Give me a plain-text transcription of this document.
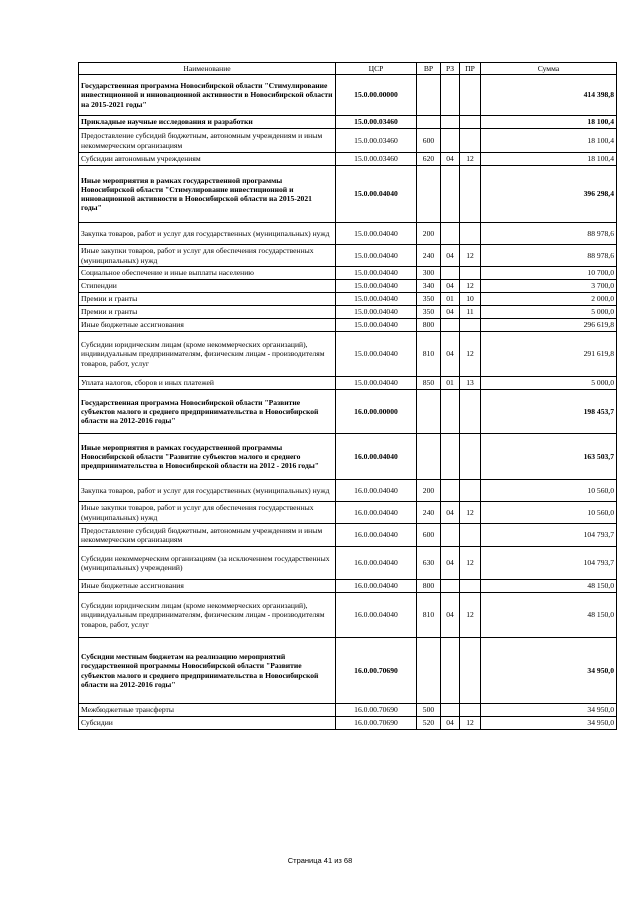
Наименование	ЦСР	ВР	РЗ	ПР	Сумма
Государственная программа Новосибирской области "Стимулирование инвестиционной и инновационной активности в Новосибирской области на 2015-2021 годы"	15.0.00.00000				414 398,8
Прикладные научные исследования и разработки	15.0.00.03460				18 100,4
Предоставление субсидий бюджетным, автономным учреждениям и иным некоммерческим организациям	15.0.00.03460	600			18 100,4
Субсидии автономным учреждениям	15.0.00.03460	620	04	12	18 100,4
Иные мероприятия в рамках государственной программы Новосибирской области "Стимулирование инвестиционной и инновационной активности в Новосибирской области на 2015-2021 годы"	15.0.00.04040				396 298,4
Закупка товаров, работ и услуг для государственных (муниципальных) нужд	15.0.00.04040	200			88 978,6
Иные закупки товаров, работ и услуг для обеспечения государственных (муниципальных) нужд	15.0.00.04040	240	04	12	88 978,6
Социальное обеспечение и иные выплаты населению	15.0.00.04040	300			10 700,0
Стипендии	15.0.00.04040	340	04	12	3 700,0
Премии и гранты	15.0.00.04040	350	01	10	2 000,0
Премии и гранты	15.0.00.04040	350	04	11	5 000,0
Иные бюджетные ассигнования	15.0.00.04040	800			296 619,8
Субсидии юридическим лицам (кроме некоммерческих организаций), индивидуальным предпринимателям, физическим лицам - производителям товаров, работ, услуг	15.0.00.04040	810	04	12	291 619,8
Уплата налогов, сборов и иных платежей	15.0.00.04040	850	01	13	5 000,0
Государственная программа Новосибирской области "Развитие субъектов малого и среднего предпринимательства в Новосибирской области на 2012-2016 годы"	16.0.00.00000				198 453,7
Иные мероприятия в рамках государственной программы Новосибирской области "Развитие субъектов малого и среднего предпринимательства в Новосибирской области на 2012 - 2016 годы"	16.0.00.04040				163 503,7
Закупка товаров, работ и услуг для государственных (муниципальных) нужд	16.0.00.04040	200			10 560,0
Иные закупки товаров, работ и услуг для обеспечения государственных (муниципальных) нужд	16.0.00.04040	240	04	12	10 560,0
Предоставление субсидий бюджетным, автономным учреждениям и иным некоммерческим организациям	16.0.00.04040	600			104 793,7
Субсидии некоммерческим организациям (за исключением государственных (муниципальных) учреждений)	16.0.00.04040	630	04	12	104 793,7
Иные бюджетные ассигнования	16.0.00.04040	800			48 150,0
Субсидии юридическим лицам (кроме некоммерческих организаций), индивидуальным предпринимателям, физическим лицам - производителям товаров, работ, услуг	16.0.00.04040	810	04	12	48 150,0
Субсидии местным бюджетам на реализацию мероприятий государственной программы Новосибирской области "Развитие субъектов малого и среднего предпринимательства в Новосибирской области на 2012-2016 годы"	16.0.00.70690				34 950,0
Межбюджетные трансферты	16.0.00.70690	500			34 950,0
Субсидии	16.0.00.70690	520	04	12	34 950,0
Страница 41 из 68
